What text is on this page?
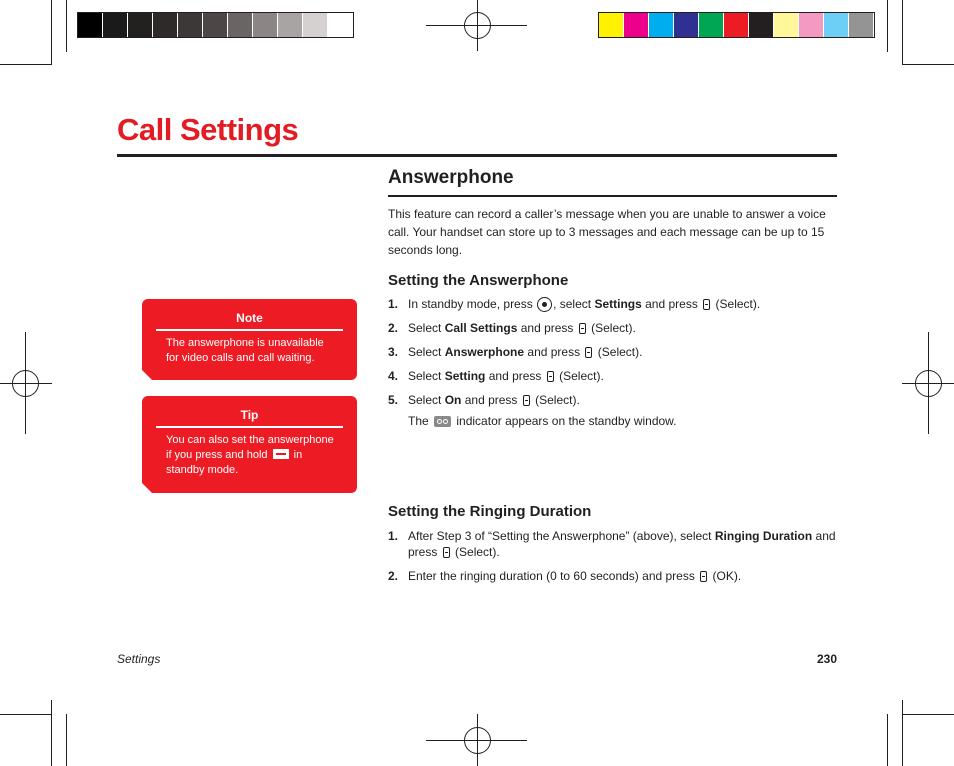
Call Settings
Answerphone
This feature can record a caller’s message when you are unable to answer a voice call. Your handset can store up to 3 messages and each message can be up to 15 seconds long.
Setting the Answerphone
1. In standby mode, press , select Settings and press (Select).
2. Select Call Settings and press (Select).
3. Select Answerphone and press (Select).
4. Select Setting and press (Select).
5. Select On and press (Select).
The indicator appears on the standby window.
Setting the Ringing Duration
1. After Step 3 of “Setting the Answerphone” (above), select Ringing Duration and press (Select).
2. Enter the ringing duration (0 to 60 seconds) and press (OK).
Note
The answerphone is unavailable for video calls and call waiting.
Tip
You can also set the answerphone if you press and hold in standby mode.
Settings	230
